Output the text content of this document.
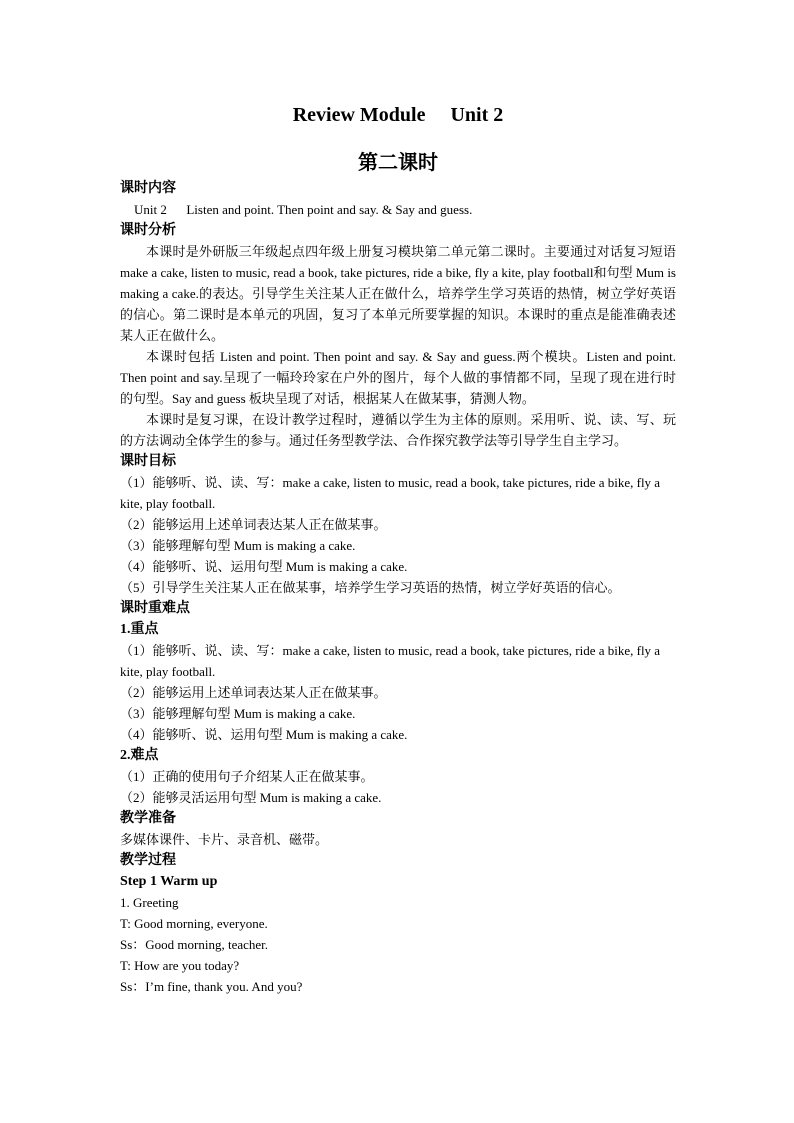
Review Module     Unit 2
第二课时

课时内容

Unit 2      Listen and point. Then point and say. & Say and guess.

课时分析

本课时是外研版三年级起点四年级上册复习模块第二单元第二课时。主要通过对话复习短语 make a cake, listen to music, read a book, take pictures, ride a bike, fly a kite, play football和句型 Mum is making a cake.的表达。引导学生关注某人正在做什么，培养学生学习英语的热情，树立学好英语的信心。第二课时是本单元的巩固，复习了本单元所要掌握的知识。本课时的重点是能准确表述某人正在做什么。

本课时包括 Listen and point. Then point and say. & Say and guess.两个模块。Listen and point. Then point and say.呈现了一幅玲玲家在户外的图片，每个人做的事情都不同，呈现了现在进行时的句型。Say and guess 板块呈现了对话，根据某人在做某事，猜测人物。

本课时是复习课，在设计教学过程时，遵循以学生为主体的原则。采用听、说、读、写、玩的方法调动全体学生的参与。通过任务型教学法、合作探究教学法等引导学生自主学习。

课时目标

（1）能够听、说、读、写：make a cake, listen to music, read a book, take pictures, ride a bike, fly a kite, play football.

（2）能够运用上述单词表达某人正在做某事。

（3）能够理解句型 Mum is making a cake.

（4）能够听、说、运用句型 Mum is making a cake.

（5）引导学生关注某人正在做某事，培养学生学习英语的热情，树立学好英语的信心。

课时重难点

1.重点

（1）能够听、说、读、写：make a cake, listen to music, read a book, take pictures, ride a bike, fly a kite, play football.

（2）能够运用上述单词表达某人正在做某事。

（3）能够理解句型 Mum is making a cake.

（4）能够听、说、运用句型 Mum is making a cake.

2.难点

（1）正确的使用句子介绍某人正在做某事。

（2）能够灵活运用句型 Mum is making a cake.

教学准备

多媒体课件、卡片、录音机、磁带。

教学过程

Step 1 Warm up

1. Greeting

T: Good morning, everyone.

Ss：Good morning, teacher.

T: How are you today?

Ss：I’m fine, thank you. And you?
